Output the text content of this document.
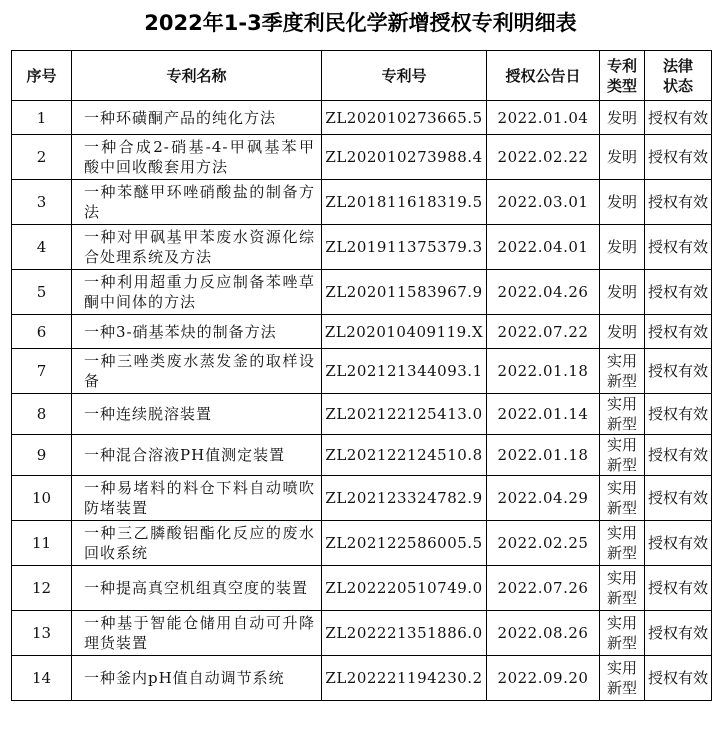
2022年1-3季度利民化学新增授权专利明细表
序号	专利名称	专利号	授权公告日	专利类型	法律状态
1	一种环磺酮产品的纯化方法	ZL202010273665.5	2022.01.04	发明	授权有效
2	一种合成2-硝基-4-甲砜基苯甲酸中回收酸套用方法	ZL202010273988.4	2022.02.22	发明	授权有效
3	一种苯醚甲环唑硝酸盐的制备方法	ZL201811618319.5	2022.03.01	发明	授权有效
4	一种对甲砜基甲苯废水资源化综合处理系统及方法	ZL201911375379.3	2022.04.01	发明	授权有效
5	一种利用超重力反应制备苯唑草酮中间体的方法	ZL202011583967.9	2022.04.26	发明	授权有效
6	一种3-硝基苯炔的制备方法	ZL202010409119.X	2022.07.22	发明	授权有效
7	一种三唑类废水蒸发釜的取样设备	ZL202121344093.1	2022.01.18	实用新型	授权有效
8	一种连续脱溶装置	ZL202122125413.0	2022.01.14	实用新型	授权有效
9	一种混合溶液PH值测定装置	ZL202122124510.8	2022.01.18	实用新型	授权有效
10	一种易堵料的料仓下料自动喷吹防堵装置	ZL202123324782.9	2022.04.29	实用新型	授权有效
11	一种三乙膦酸铝酯化反应的废水回收系统	ZL202122586005.5	2022.02.25	实用新型	授权有效
12	一种提高真空机组真空度的装置	ZL202220510749.0	2022.07.26	实用新型	授权有效
13	一种基于智能仓储用自动可升降理货装置	ZL202221351886.0	2022.08.26	实用新型	授权有效
14	一种釜内pH值自动调节系统	ZL202221194230.2	2022.09.20	实用新型	授权有效
